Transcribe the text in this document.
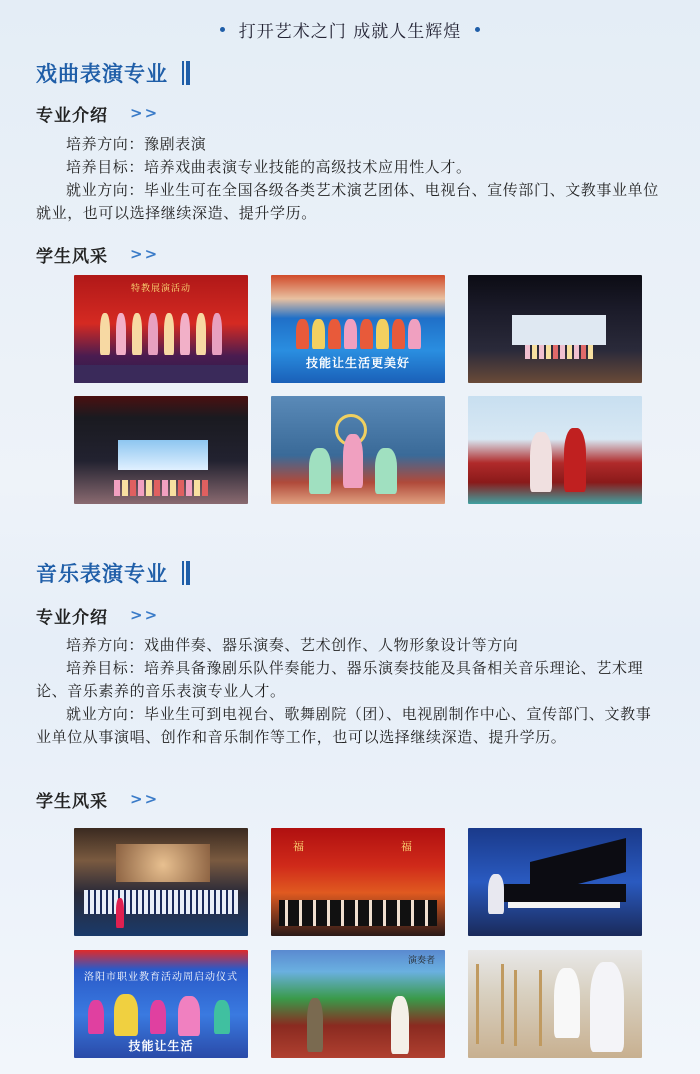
打开艺术之门 成就人生辉煌
戏曲表演专业
专业介绍 >>

培养方向：豫剧表演

培养目标：培养戏曲表演专业技能的高级技术应用性人才。

就业方向：毕业生可在全国各级各类艺术演艺团体、电视台、宣传部门、文教事业单位就业，也可以选择继续深造、提升学历。

学生风采 >>
特教展演活动
技能让生活更美好
音乐表演专业
专业介绍 >>

培养方向：戏曲伴奏、器乐演奏、艺术创作、人物形象设计等方向

培养目标：培养具备豫剧乐队伴奏能力、器乐演奏技能及具备相关音乐理论、艺术理论、音乐素养的音乐表演专业人才。

就业方向：毕业生可到电视台、歌舞剧院（团）、电视剧制作中心、宣传部门、文教事业单位从事演唱、创作和音乐制作等工作，也可以选择继续深造、提升学历。

学生风采 >>
福	福
洛阳市职业教育活动周启动仪式
技能让生活
演奏者
